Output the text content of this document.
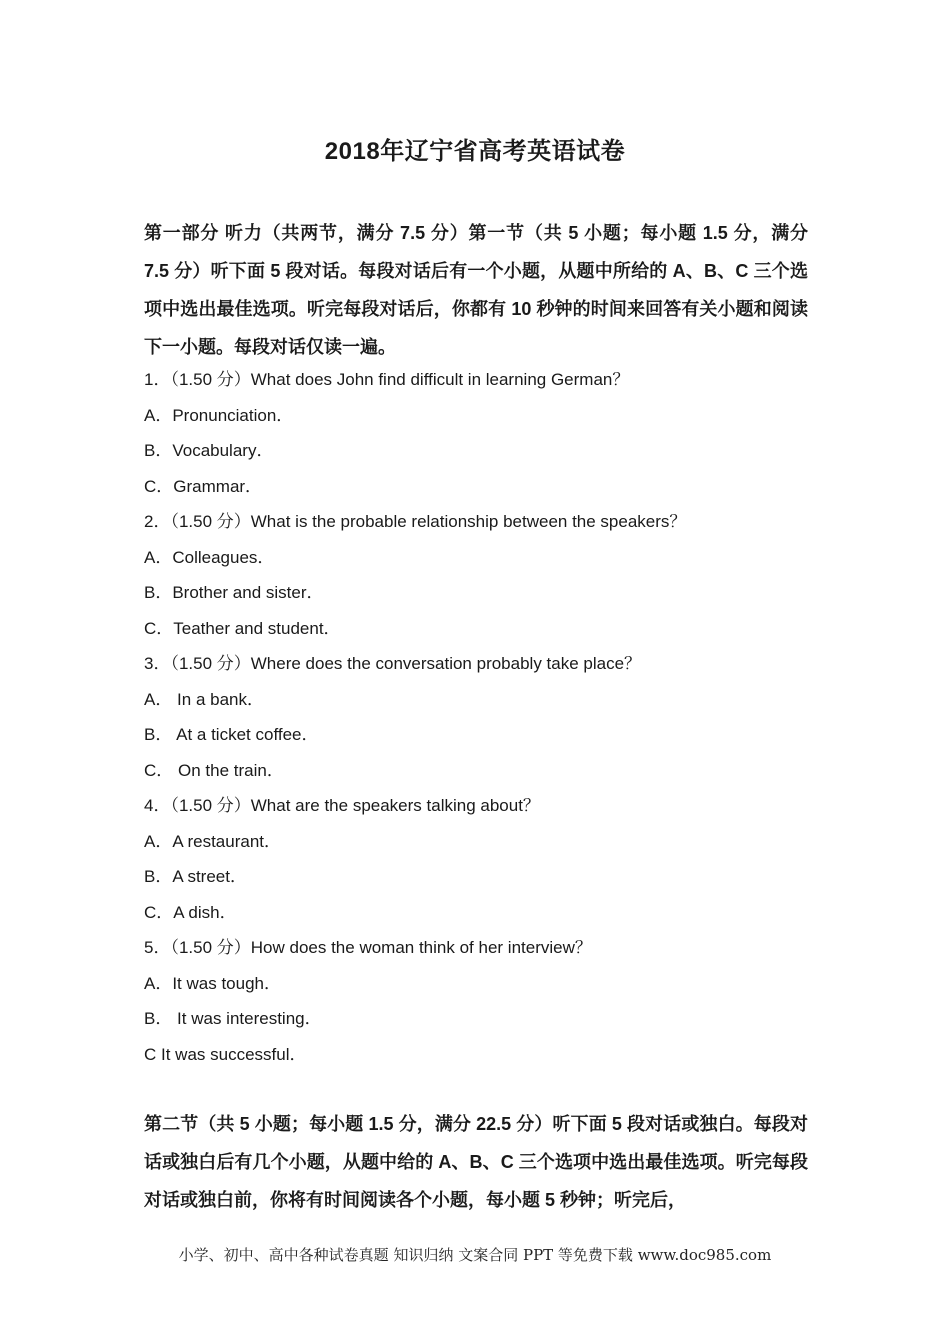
2018年辽宁省高考英语试卷
第一部分 听力（共两节，满分 7.5 分）第一节（共 5 小题；每小题 1.5 分，满分 7.5 分）听下面 5 段对话。每段对话后有一个小题，从题中所给的 A、B、C 三个选项中选出最佳选项。听完每段对话后，你都有 10 秒钟的时间来回答有关小题和阅读下一小题。每段对话仅读一遍。
1．（1.50 分）What does John find difficult in learning German？
A．Pronunciation．
B．Vocabulary．
C．Grammar．
2．（1.50 分）What is the probable relationship between the speakers？
A．Colleagues．
B．Brother and sister．
C．Teather and student．
3．（1.50 分）Where does the conversation probably take place？
A． In a bank．
B． At a ticket coffee．
C． On the train．
4．（1.50 分）What are the speakers talking about？
A．A restaurant．
B．A street．
C．A dish．
5．（1.50 分）How does the woman think of her interview？
A．It was tough．
B． It was interesting．
C It was successful．
第二节（共 5 小题；每小题 1.5 分，满分 22.5 分）听下面 5 段对话或独白。每段对话或独白后有几个小题，从题中给的 A、B、C 三个选项中选出最佳选项。听完每段对话或独白前，你将有时间阅读各个小题，每小题 5 秒钟；听完后，
小学、初中、高中各种试卷真题 知识归纳 文案合同 PPT 等免费下载 www.doc985.com
